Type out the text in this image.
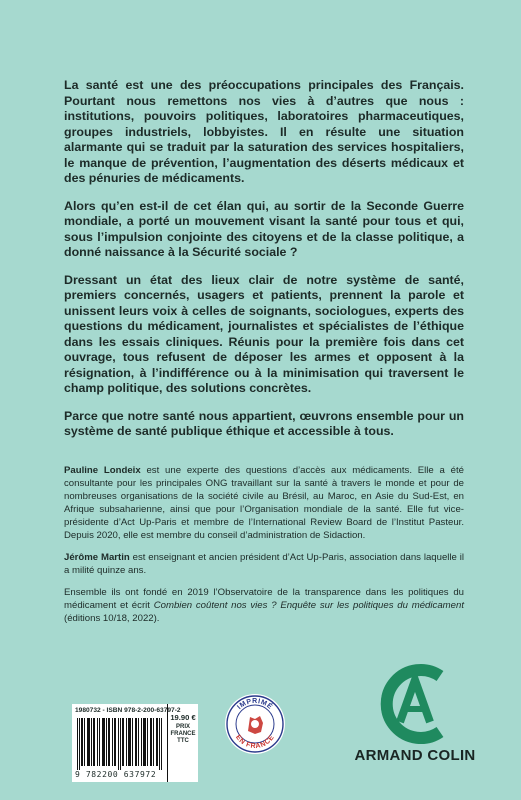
La santé est une des préoccupations principales des Français. Pourtant nous remettons nos vies à d’autres que nous : institutions, pouvoirs politiques, laboratoires pharmaceutiques, groupes industriels, lobbyistes. Il en résulte une situation alarmante qui se traduit par la saturation des services hospitaliers, le manque de prévention, l’augmentation des déserts médicaux et des pénuries de médicaments.

Alors qu’en est-il de cet élan qui, au sortir de la Seconde Guerre mondiale, a porté un mouvement visant la santé pour tous et qui, sous l’impulsion conjointe des citoyens et de la classe politique, a donné naissance à la Sécurité sociale ?

Dressant un état des lieux clair de notre système de santé, premiers concernés, usagers et patients, prennent la parole et unissent leurs voix à celles de soignants, sociologues, experts des questions du médicament, journalistes et spécialistes de l’éthique dans les essais cliniques. Réunis pour la première fois dans cet ouvrage, tous refusent de déposer les armes et opposent à la résignation, à l’indifférence ou à la minimisation qui traversent le champ politique, des solutions concrètes.

Parce que notre santé nous appartient, œuvrons ensemble pour un système de santé publique éthique et accessible à tous.

Pauline Londeix est une experte des questions d’accès aux médicaments. Elle a été consultante pour les principales ONG travaillant sur la santé à travers le monde et pour de nombreuses organisations de la société civile au Brésil, au Maroc, en Asie du Sud-Est, en Afrique subsaharienne, ainsi que pour l’Organisation mondiale de la santé. Elle fut vice-présidente d’Act Up-Paris et membre de l’International Review Board de l’Institut Pasteur. Depuis 2020, elle est membre du conseil d’administration de Sidaction.

Jérôme Martin est enseignant et ancien président d’Act Up-Paris, association dans laquelle il a milité quinze ans.

Ensemble ils ont fondé en 2019 l’Observatoire de la transparence dans les politiques du médicament et écrit Combien coûtent nos vies ? Enquête sur les politiques du médicament (éditions 10/18, 2022).

1980732 - ISBN 978-2-200-63797-2
9 782200 637972
19.90 €
PRIX
FRANCE
TTC
IMPRIMÉ
EN FRANCE
ARMAND COLIN
